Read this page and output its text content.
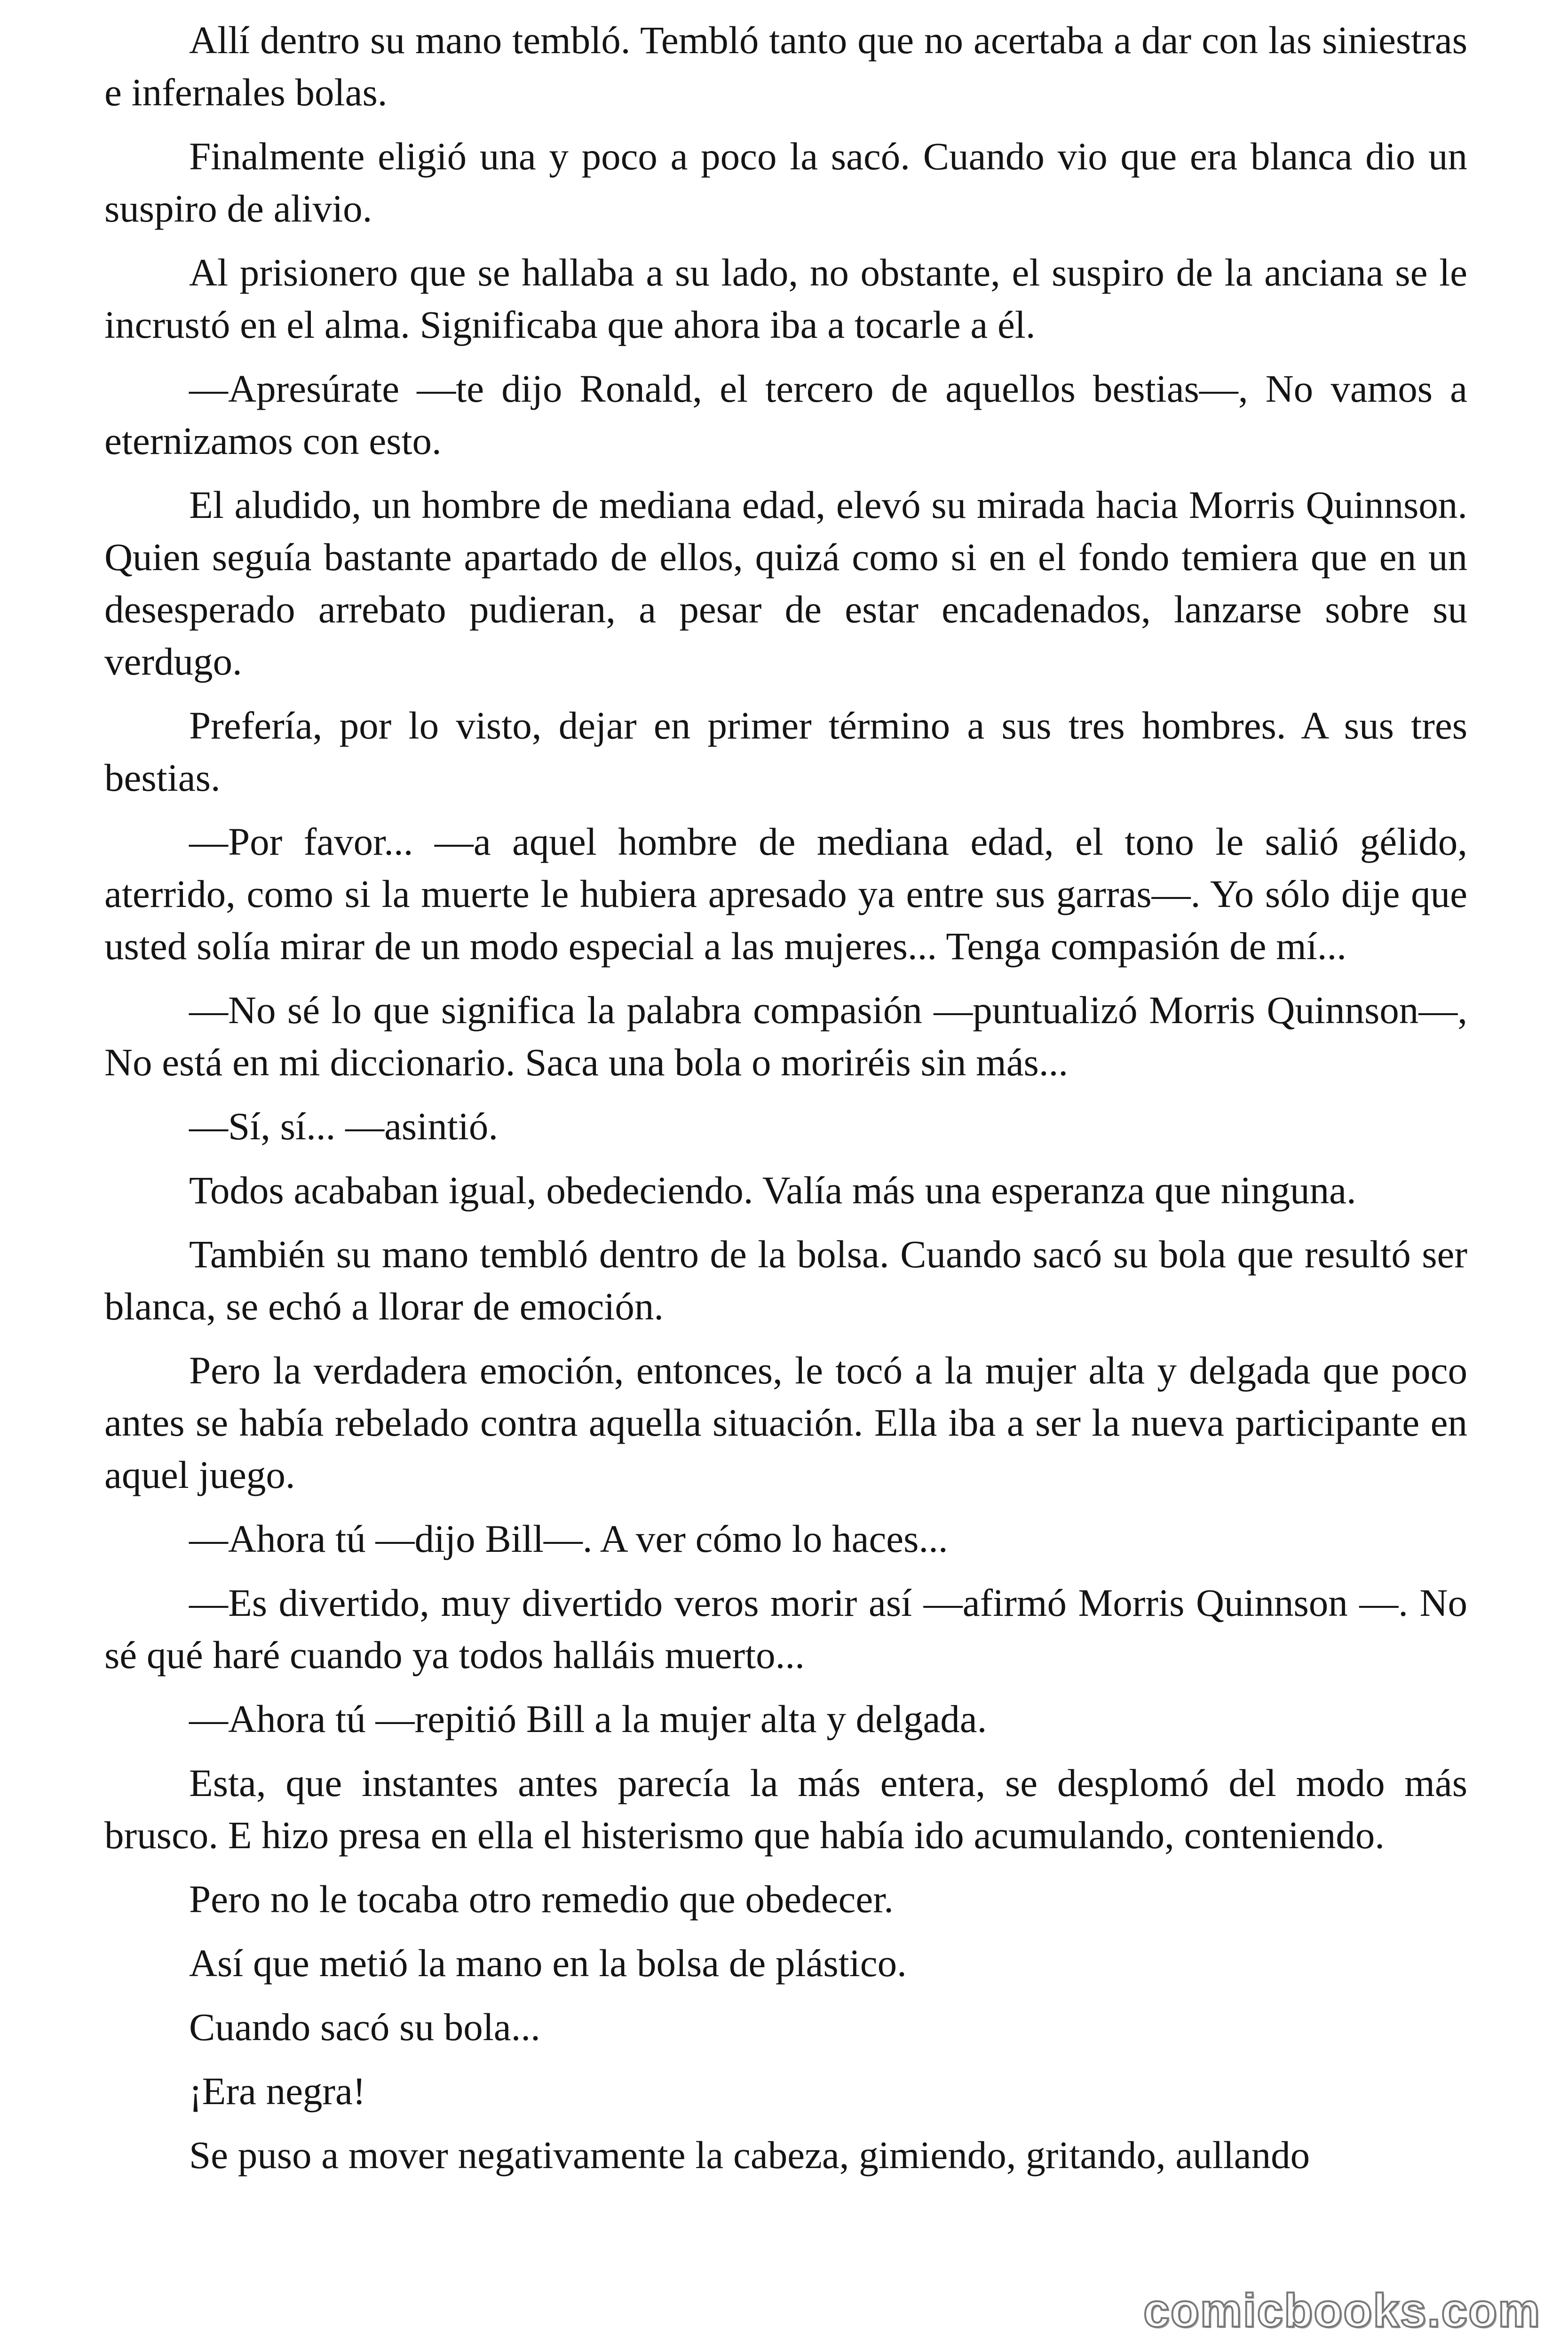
Allí dentro su mano tembló. Tembló tanto que no acertaba a dar con las siniestras e infernales bolas.

Finalmente eligió una y poco a poco la sacó. Cuando vio que era blanca dio un suspiro de alivio.

Al prisionero que se hallaba a su lado, no obstante, el suspiro de la anciana se le incrustó en el alma. Significaba que ahora iba a tocarle a él.

—Apresúrate —te dijo Ronald, el tercero de aquellos bestias—, No vamos a eternizamos con esto.

El aludido, un hombre de mediana edad, elevó su mirada hacia Morris Quinnson. Quien seguía bastante apartado de ellos, quizá como si en el fondo temiera que en un desesperado arrebato pudieran, a pesar de estar encadenados, lanzarse sobre su verdugo.

Prefería, por lo visto, dejar en primer término a sus tres hombres. A sus tres bestias.

—Por favor... —a aquel hombre de mediana edad, el tono le salió gélido, aterrido, como si la muerte le hubiera apresado ya entre sus garras—. Yo sólo dije que usted solía mirar de un modo especial a las mujeres... Tenga compasión de mí...

—No sé lo que significa la palabra compasión —puntualizó Morris Quinnson—, No está en mi diccionario. Saca una bola o moriréis sin más...

—Sí, sí... —asintió.

Todos acababan igual, obedeciendo. Valía más una esperanza que ninguna.

También su mano tembló dentro de la bolsa. Cuando sacó su bola que resultó ser blanca, se echó a llorar de emoción.

Pero la verdadera emoción, entonces, le tocó a la mujer alta y delgada que poco antes se había rebelado contra aquella situación. Ella iba a ser la nueva participante en aquel juego.

—Ahora tú —dijo Bill—. A ver cómo lo haces...

—Es divertido, muy divertido veros morir así —afirmó Morris Quinnson —. No sé qué haré cuando ya todos halláis muerto...

—Ahora tú —repitió Bill a la mujer alta y delgada.

Esta, que instantes antes parecía la más entera, se desplomó del modo más brusco. E hizo presa en ella el histerismo que había ido acumulando, conteniendo.

Pero no le tocaba otro remedio que obedecer.

Así que metió la mano en la bolsa de plástico.

Cuando sacó su bola...

¡Era negra!

Se puso a mover negativamente la cabeza, gimiendo, gritando, aullando

comicbooks.com
